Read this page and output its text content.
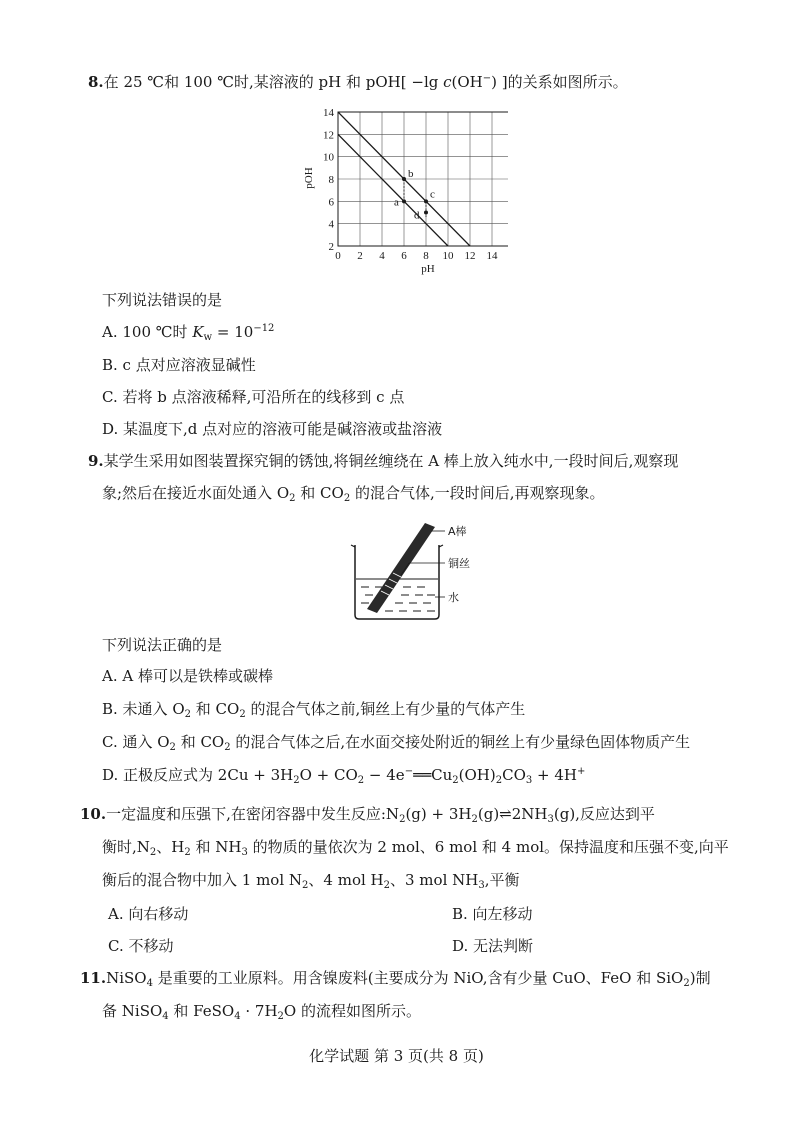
8.在 25 ℃和 100 ℃时,某溶液的 pH 和 pOH[ −lg c(OH−) ]的关系如图所示。
0 2 4 6 8 10 12 14
2
4
6
8
10
12
14
a
b
c
d
pOH
pH
下列说法错误的是
A. 100 ℃时 $K_w = 10^{-12}$
B. c 点对应溶液显碱性
C. 若将 b 点溶液稀释,可沿所在的线移到 c 点
D. 某温度下,d 点对应的溶液可能是碱溶液或盐溶液
9.某学生采用如图装置探究铜的锈蚀,将铜丝缠绕在 A 棒上放入纯水中,一段时间后,观察现
象;然后在接近水面处通入 $O_2$ 和 $CO_2$ 的混合气体,一段时间后,再观察现象。
A棒
铜丝
水
下列说法正确的是
A. A 棒可以是铁棒或碳棒
B. 未通入 $O_2$ 和 $CO_2$ 的混合气体之前,铜丝上有少量的气体产生
C. 通入 $O_2$ 和 $CO_2$ 的混合气体之后,在水面交接处附近的铜丝上有少量绿色固体物质产生
D. 正极反应式为 $2Cu + 3H_2O + CO_2$ − $4e^-══Cu_2(OH)_2CO_3 + 4H^+$
10.一定温度和压强下,在密闭容器中发生反应$:N_2(g)$ + $3H_2(g)\rightleftharpoons 2NH_3(g)$,反应达到平
衡时$,N_2$、$H_2$ 和 $NH_3$ 的物质的量依次为 2 mol、6 mol 和 4 mol。保持温度和压强不变,向平
衡后的混合物中加入 1 mol $N_2$、4 mol $H_2$、3 mol $NH_3$,平衡
A. 向右移动	B. 向左移动
C. 不移动	D. 无法判断
11.NiSO$_4$ 是重要的工业原料。用含镍废料(主要成分为 NiO,含有少量 CuO、FeO 和 SiO$_2$)制
备 NiSO$_4$ 和 FeSO$_4$ · $7H_2O$ 的流程如图所示。
化学试题 第 3 页(共 8 页)
